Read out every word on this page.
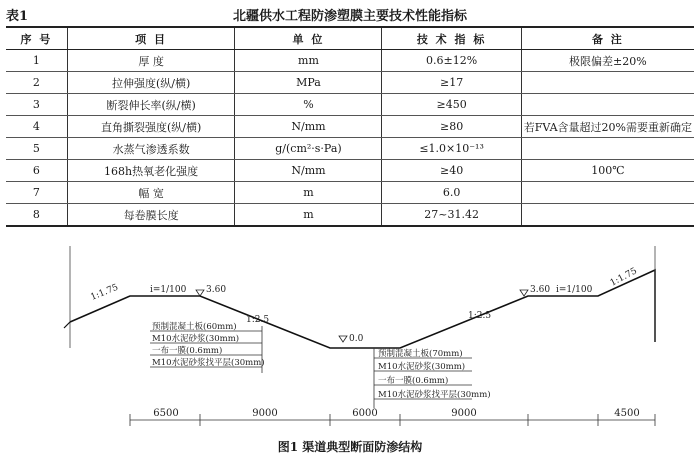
表1	北疆供水工程防渗塑膜主要技术性能指标
序 号	项 目	单 位	技 术 指 标	备 注
1	厚 度	mm	0.6±12%	极限偏差±20%
2	拉伸强度(纵/横)	MPa	≥17	
3	断裂伸长率(纵/横)	%	≥450	
4	直角撕裂强度(纵/横)	N/mm	≥80	若FVA含量超过20%需要重新确定
5	水蒸气渗透系数	g/(cm²·s·Pa)	≤1.0×10⁻¹³	
6	168h热氧老化强度	N/mm	≥40	100℃
7	幅 宽	m	6.0	
8	每卷膜长度	m	27~31.42	
1:1.75	i=1/100 3.60
1:2.5
0.0
1:2.5
3.60 i=1/100
1:1.75
预制混凝土板(60mm)
M10水泥砂浆(30mm)
一布一膜(0.6mm)
M10水泥砂浆找平层(30mm)
预制混凝土板(70mm)
M10水泥砂浆(30mm)
一布一膜(0.6mm)
M10水泥砂浆找平层(30mm)
6500	9000	6000	9000	4500
图1 渠道典型断面防渗结构
